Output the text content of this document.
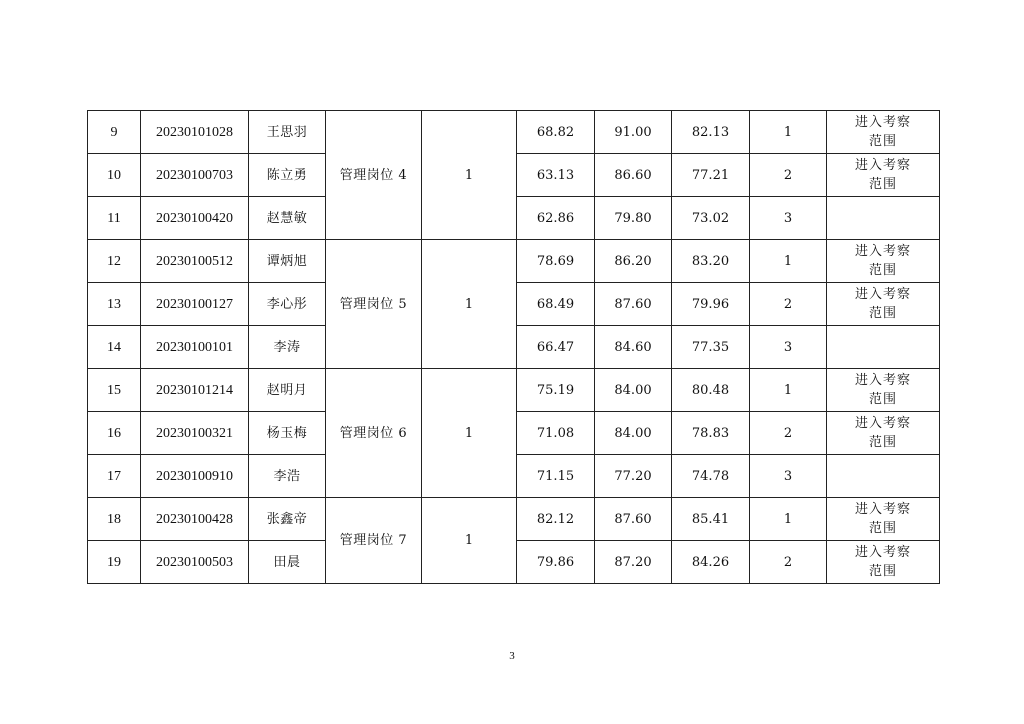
9	20230101028	王思羽	管理岗位 4	1	68.82	91.00	82.13	1	进入考察
范围

10	20230100703	陈立勇			63.13	86.60	77.21	2	进入考察
范围

11	20230100420	赵慧敏			62.86	79.80	73.02	3	
12	20230100512	谭炳旭	管理岗位 5	1	78.69	86.20	83.20	1	进入考察
范围

13	20230100127	李心彤			68.49	87.60	79.96	2	进入考察
范围

14	20230100101	李涛			66.47	84.60	77.35	3	
15	20230101214	赵明月	管理岗位 6	1	75.19	84.00	80.48	1	进入考察
范围

16	20230100321	杨玉梅			71.08	84.00	78.83	2	进入考察
范围

17	20230100910	李浩			71.15	77.20	74.78	3	
18	20230100428	张鑫帝	管理岗位 7	1	82.12	87.60	85.41	1	进入考察
范围

19	20230100503	田晨			79.86	87.20	84.26	2	进入考察
范围
3
